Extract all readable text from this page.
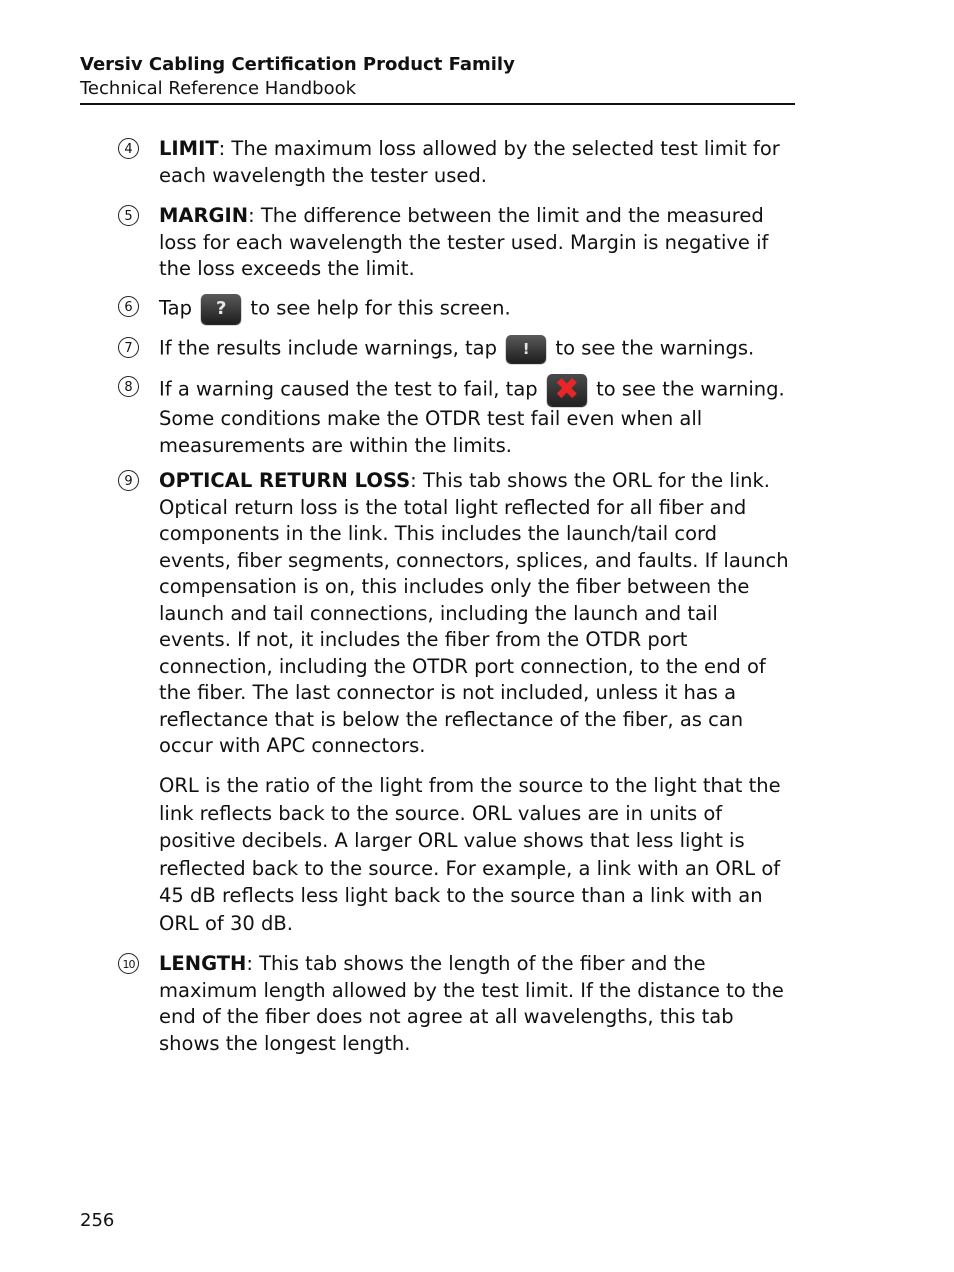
Versiv Cabling Certification Product Family
Technical Reference Handbook
4	LIMIT: The maximum loss allowed by the selected test limit for each wavelength the tester used.
5	MARGIN: The difference between the limit and the measured loss for each wavelength the tester used. Margin is negative if the loss exceeds the limit.
6	Tap ? to see help for this screen.
7	If the results include warnings, tap ! to see the warnings.
8	If a warning caused the test to fail, tap ✖ to see the warning. Some conditions make the OTDR test fail even when all measurements are within the limits.
9	OPTICAL RETURN LOSS: This tab shows the ORL for the link. Optical return loss is the total light reflected for all fiber and components in the link. This includes the launch/tail cord events, fiber segments, connectors, splices, and faults. If launch compensation is on, this includes only the fiber between the launch and tail connections, including the launch and tail events. If not, it includes the fiber from the OTDR port connection, including the OTDR port connection, to the end of the fiber. The last connector is not included, unless it has a reflectance that is below the reflectance of the fiber, as can occur with APC connectors.
ORL is the ratio of the light from the source to the light that the link reflects back to the source. ORL values are in units of positive decibels. A larger ORL value shows that less light is reflected back to the source. For example, a link with an ORL of 45 dB reflects less light back to the source than a link with an ORL of 30 dB.
10 LENGTH: This tab shows the length of the fiber and the maximum length allowed by the test limit. If the distance to the end of the fiber does not agree at all wavelengths, this tab shows the longest length.
256
